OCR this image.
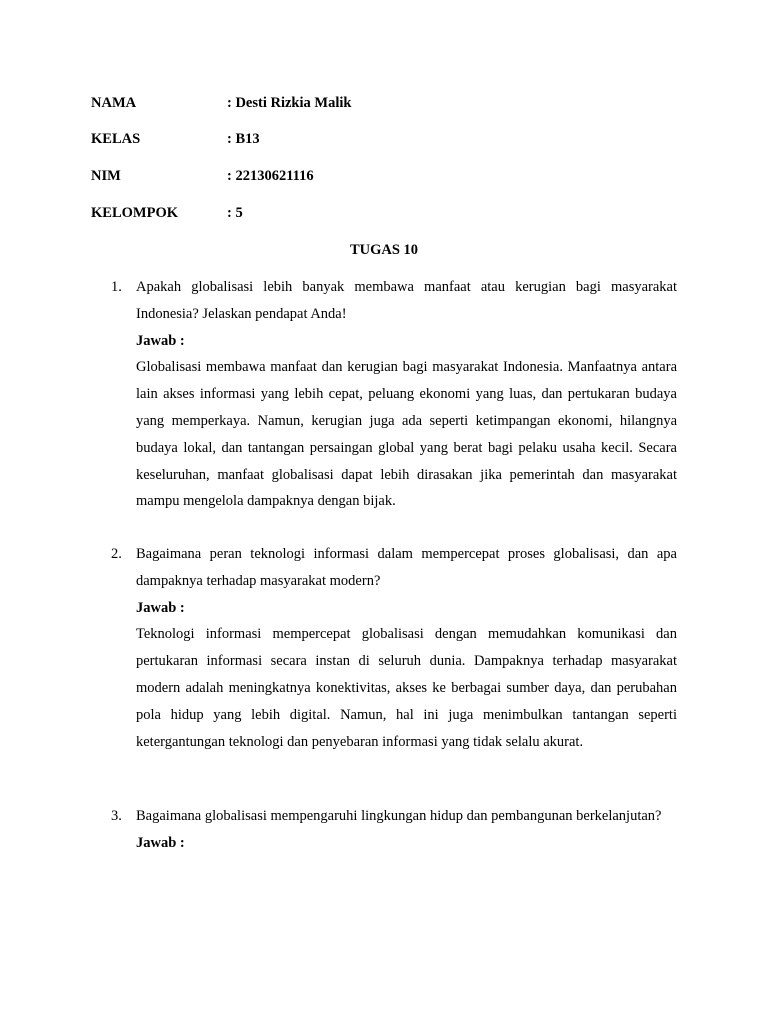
NAMA	: Desti Rizkia Malik
KELAS	: B13
NIM	: 22130621116
KELOMPOK	: 5
TUGAS 10
1. Apakah globalisasi lebih banyak membawa manfaat atau kerugian bagi masyarakat Indonesia? Jelaskan pendapat Anda!

Jawab :

Globalisasi membawa manfaat dan kerugian bagi masyarakat Indonesia. Manfaatnya antara lain akses informasi yang lebih cepat, peluang ekonomi yang luas, dan pertukaran budaya yang memperkaya. Namun, kerugian juga ada seperti ketimpangan ekonomi, hilangnya budaya lokal, dan tantangan persaingan global yang berat bagi pelaku usaha kecil. Secara keseluruhan, manfaat globalisasi dapat lebih dirasakan jika pemerintah dan masyarakat mampu mengelola dampaknya dengan bijak.

2. Bagaimana peran teknologi informasi dalam mempercepat proses globalisasi, dan apa dampaknya terhadap masyarakat modern?

Jawab :

Teknologi informasi mempercepat globalisasi dengan memudahkan komunikasi dan pertukaran informasi secara instan di seluruh dunia. Dampaknya terhadap masyarakat modern adalah meningkatnya konektivitas, akses ke berbagai sumber daya, dan perubahan pola hidup yang lebih digital. Namun, hal ini juga menimbulkan tantangan seperti ketergantungan teknologi dan penyebaran informasi yang tidak selalu akurat.

3. Bagaimana globalisasi mempengaruhi lingkungan hidup dan pembangunan berkelanjutan?

Jawab :
